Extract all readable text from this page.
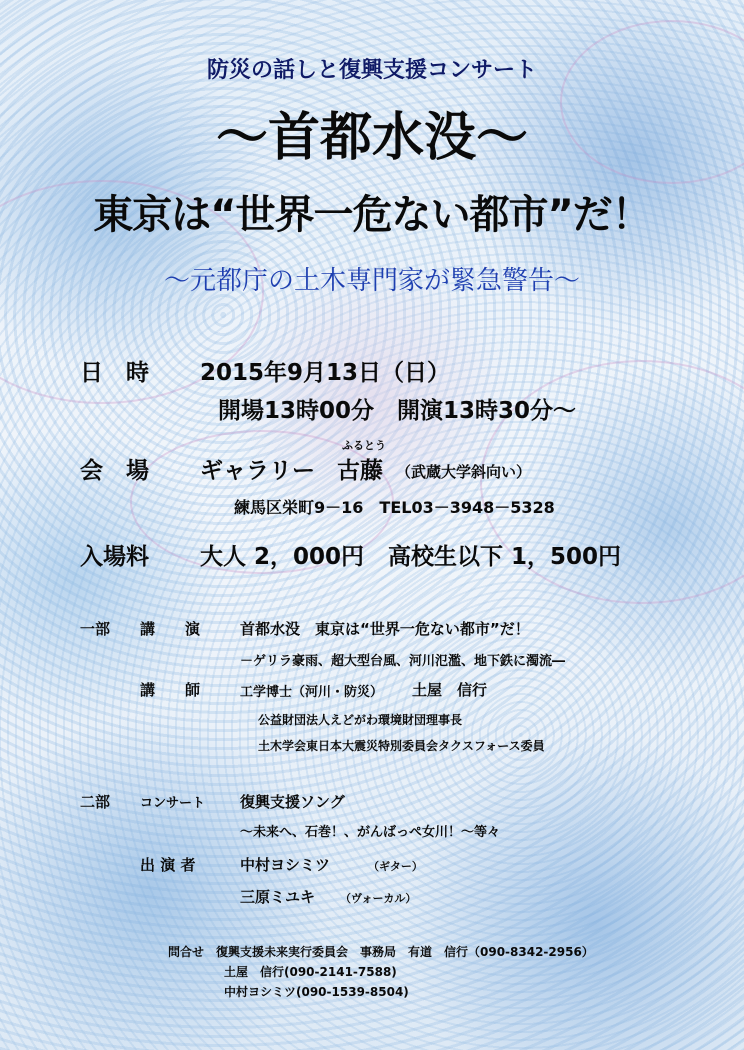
防災の話しと復興支援コンサート
～首都水没～
東京は“世界一危ない都市”だ！
～元都庁の土木専門家が緊急警告～
日　時 2015年9月13日（日）
開場13時00分　開演13時30分～
ふるとう
会　場 ギャラリー 古藤 （武蔵大学斜向い）
練馬区栄町9－16　TEL03－3948－5328
入場料 大人 2，000円 高校生以下 1，500円
一部 講　　演	首都水没　東京は“世界一危ない都市”だ！
－ゲリラ豪雨、超大型台風、河川氾濫、地下鉄に濁流―
講　　師	工学博士（河川・防災） 土屋　信行
公益財団法人えどがわ環境財団理事長
土木学会東日本大震災特別委員会タクスフォース委員
二部 コンサート 復興支援ソング
～未来へ、石巻！、がんばっぺ女川！～等々
出 演 者	中村ヨシミツ	（ギター）
三原ミユキ （ヴォーカル）
問合せ　復興支援未来実行委員会　事務局　有道　信行（090-8342-2956）
土屋　信行(090-2141-7588)
中村ヨシミツ(090-1539-8504)
